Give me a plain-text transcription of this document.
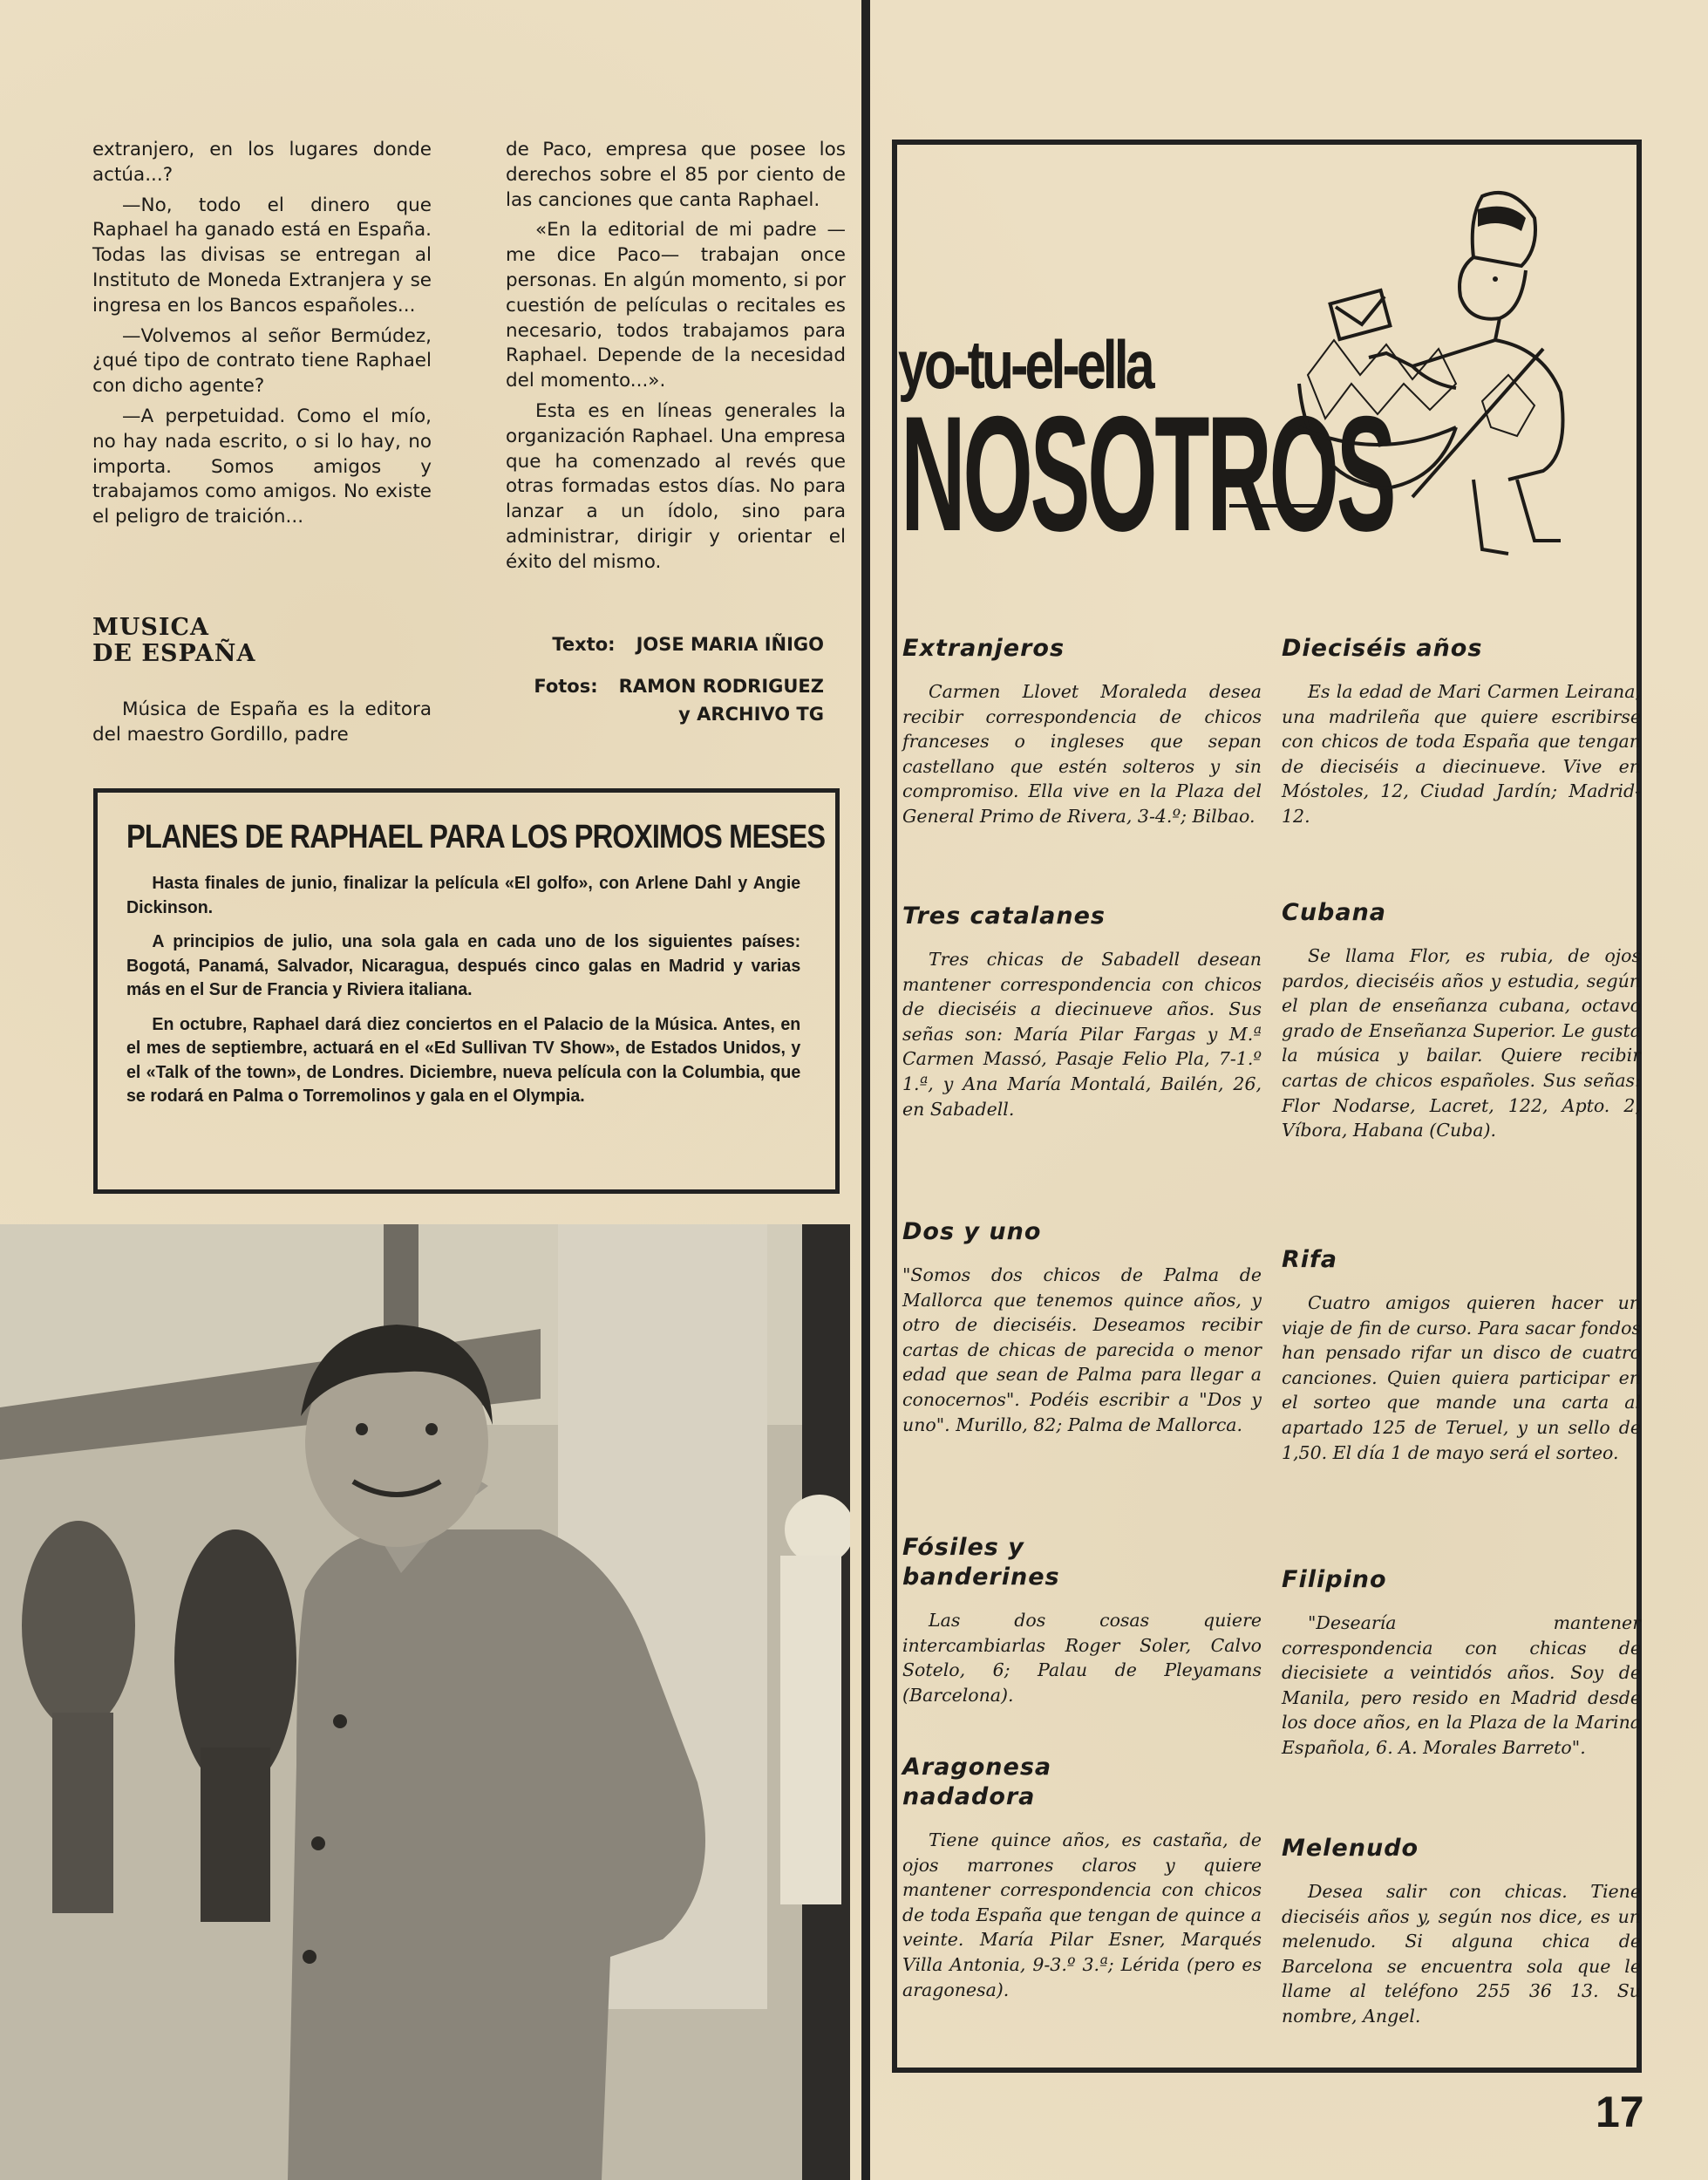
extranjero, en los lugares donde actúa...?

—No, todo el dinero que Raphael ha ganado está en España. Todas las divisas se entregan al Instituto de Moneda Extranjera y se ingresa en los Bancos españoles...

—Volvemos al señor Bermúdez, ¿qué tipo de contrato tiene Raphael con dicho agente?

—A perpetuidad. Como el mío, no hay nada escrito, o si lo hay, no importa. Somos amigos y trabajamos como amigos. No existe el peligro de traición...

MUSICA
DE ESPAÑA

Música de España es la editora del maestro Gordillo, padre

de Paco, empresa que posee los derechos sobre el 85 por ciento de las canciones que canta Raphael.

«En la editorial de mi padre —me dice Paco— trabajan once personas. En algún momento, si por cuestión de películas o recitales es necesario, todos trabajamos para Raphael. Depende de la necesidad del momento...».

Esta es en líneas generales la organización Raphael. Una empresa que ha comenzado al revés que otras formadas estos días. No para lanzar a un ídolo, sino para administrar, dirigir y orientar el éxito del mismo.

Texto: JOSE MARIA IÑIGO
Fotos: RAMON RODRIGUEZ
y ARCHIVO TG
PLANES DE RAPHAEL PARA LOS PROXIMOS MESES

Hasta finales de junio, finalizar la película «El golfo», con Arlene Dahl y Angie Dickinson.

A principios de julio, una sola gala en cada uno de los siguientes países: Bogotá, Panamá, Salvador, Nicaragua, después cinco galas en Madrid y varias más en el Sur de Francia y Riviera italiana.

En octubre, Raphael dará diez conciertos en el Palacio de la Música. Antes, en el mes de septiembre, actuará en el «Ed Sullivan TV Show», de Estados Unidos, y el «Talk of the town», de Londres. Diciembre, nueva película con la Columbia, que se rodará en Palma o Torremolinos y gala en el Olympia.

yo-tu-el-ella
NOSOTROS
Extranjeros
Carmen Llovet Moraleda desea recibir correspondencia de chicos franceses o ingleses que sepan castellano que estén solteros y sin compromiso. Ella vive en la Plaza del General Primo de Rivera, 3-4.º; Bilbao.
Tres catalanes
Tres chicas de Sabadell desean mantener correspondencia con chicos de dieciséis a diecinueve años. Sus señas son: María Pilar Fargas y M.ª Carmen Massó, Pasaje Felio Pla, 7-1.º 1.ª, y Ana María Montalá, Bailén, 26, en Sabadell.
Dos y uno
"Somos dos chicos de Palma de Mallorca que tenemos quince años, y otro de dieciséis. Deseamos recibir cartas de chicas de parecida o menor edad que sean de Palma para llegar a conocernos". Podéis escribir a "Dos y uno". Murillo, 82; Palma de Mallorca.
Fósiles y banderines
Las dos cosas quiere intercambiarlas Roger Soler, Calvo Sotelo, 6; Palau de Pleyamans (Barcelona).
Aragonesa nadadora
Tiene quince años, es castaña, de ojos marrones claros y quiere mantener correspondencia con chicos de toda España que tengan de quince a veinte. María Pilar Esner, Marqués Villa Antonia, 9-3.º 3.ª; Lérida (pero es aragonesa).
Dieciséis años
Es la edad de Mari Carmen Leirana, una madrileña que quiere escribirse con chicos de toda España que tengan de dieciséis a diecinueve. Vive en Móstoles, 12, Ciudad Jardín; Madrid-12.
Cubana
Se llama Flor, es rubia, de ojos pardos, dieciséis años y estudia, según el plan de enseñanza cubana, octavo grado de Enseñanza Superior. Le gusta la música y bailar. Quiere recibir cartas de chicos españoles. Sus señas: Flor Nodarse, Lacret, 122, Apto. 2, Víbora, Habana (Cuba).
Rifa
Cuatro amigos quieren hacer un viaje de fin de curso. Para sacar fondos han pensado rifar un disco de cuatro canciones. Quien quiera participar en el sorteo que mande una carta al apartado 125 de Teruel, y un sello de 1,50. El día 1 de mayo será el sorteo.
Filipino
"Desearía mantener correspondencia con chicas de diecisiete a veintidós años. Soy de Manila, pero resido en Madrid desde los doce años, en la Plaza de la Marina Española, 6. A. Morales Barreto".
Melenudo
Desea salir con chicas. Tiene dieciséis años y, según nos dice, es un melenudo. Si alguna chica de Barcelona se encuentra sola que le llame al teléfono 255 36 13. Su nombre, Angel.
17
